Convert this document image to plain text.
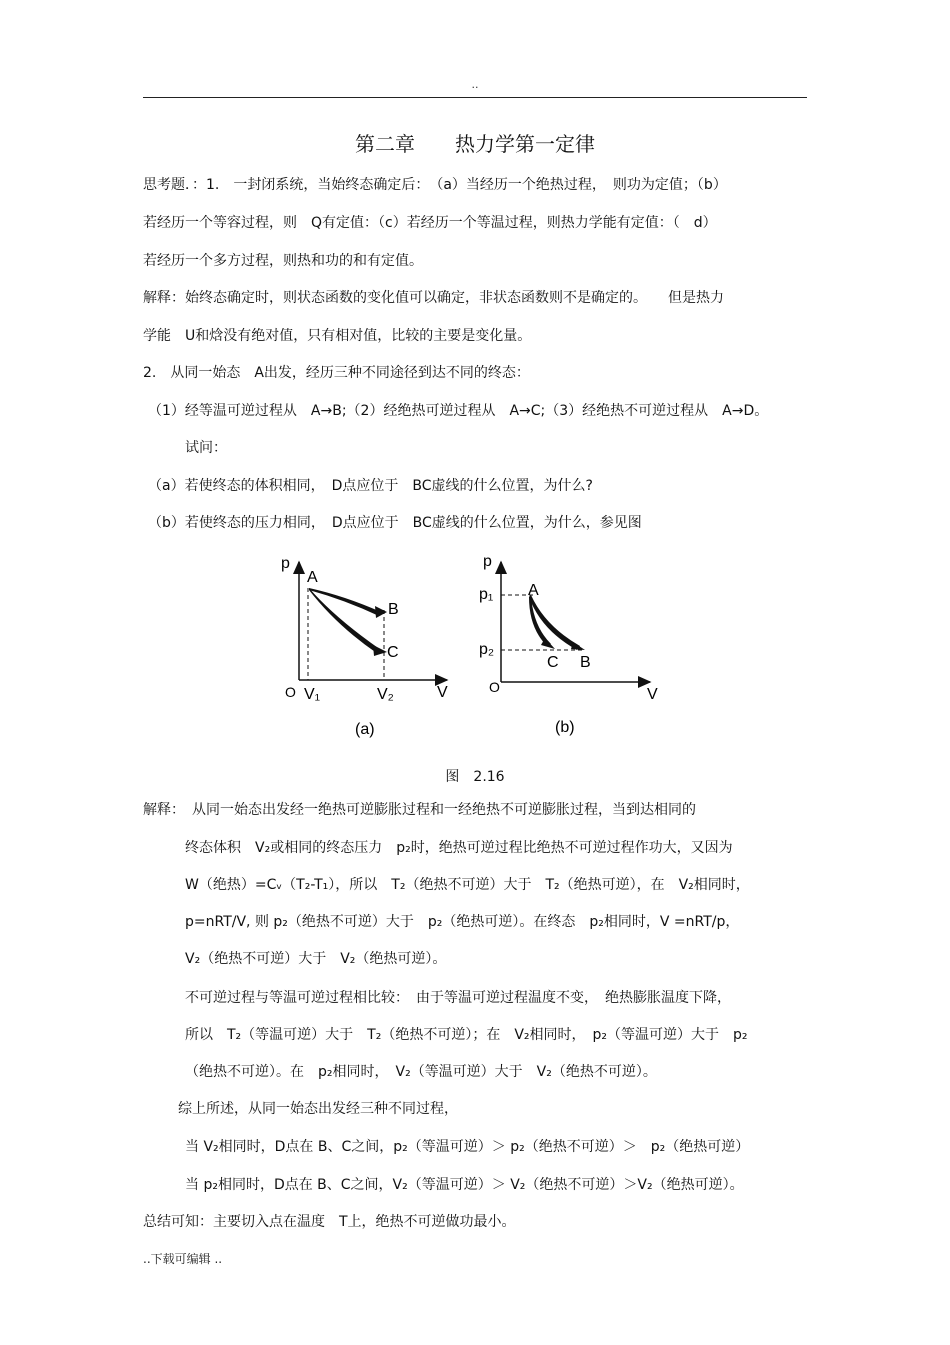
..
第二章　　热力学第一定律
思考题．：1.　一封闭系统，当始终态确定后：　（a）当经历一个绝热过程，　则功为定值；（b）
若经历一个等容过程，则　Q有定值：（c）若经历一个等温过程，则热力学能有定值：（　d）
若经历一个多方过程，则热和功的和有定值。
解释：始终态确定时，则状态函数的变化值可以确定，非状态函数则不是确定的。　　但是热力
学能　U和焓没有绝对值，只有相对值，比较的主要是变化量。
2.　从同一始态　A出发，经历三种不同途径到达不同的终态：
（1）经等温可逆过程从　A→B;（2）经绝热可逆过程从　A→C;（3）经绝热不可逆过程从　A→D。
试问：
（a）若使终态的体积相同，　D点应位于　BC虚线的什么位置，为什么?
（b）若使终态的压力相同，　D点应位于　BC虚线的什么位置，为什么，参见图
p
A
B
C
O V₁	V₂	V
(a)
p
p₁
p₂
A
C B
O	V
(b)
图　2.16
解释：　从同一始态出发经一绝热可逆膨胀过程和一经绝热不可逆膨胀过程，当到达相同的
终态体积　V₂或相同的终态压力　p₂时，绝热可逆过程比绝热不可逆过程作功大，又因为
W（绝热）=Cᵥ（T₂-T₁），所以　T₂（绝热不可逆）大于　T₂（绝热可逆），在　V₂相同时，
p=nRT/V, 则 p₂（绝热不可逆）大于　p₂（绝热可逆）。在终态　p₂相同时，V =nRT/p，
V₂（绝热不可逆）大于　V₂（绝热可逆）。
不可逆过程与等温可逆过程相比较：　由于等温可逆过程温度不变，　绝热膨胀温度下降，
所以　T₂（等温可逆）大于　T₂（绝热不可逆）；在　V₂相同时，　p₂（等温可逆）大于　p₂
（绝热不可逆）。在　p₂相同时，　V₂（等温可逆）大于　V₂（绝热不可逆）。
综上所述，从同一始态出发经三种不同过程，
当 V₂相同时，D点在 B、C之间，p₂（等温可逆）＞ p₂（绝热不可逆）＞　p₂（绝热可逆）
当 p₂相同时，D点在 B、C之间，V₂（等温可逆）＞ V₂（绝热不可逆）＞V₂（绝热可逆）。
总结可知：主要切入点在温度　T上，绝热不可逆做功最小。
..下载可编辑 ..
